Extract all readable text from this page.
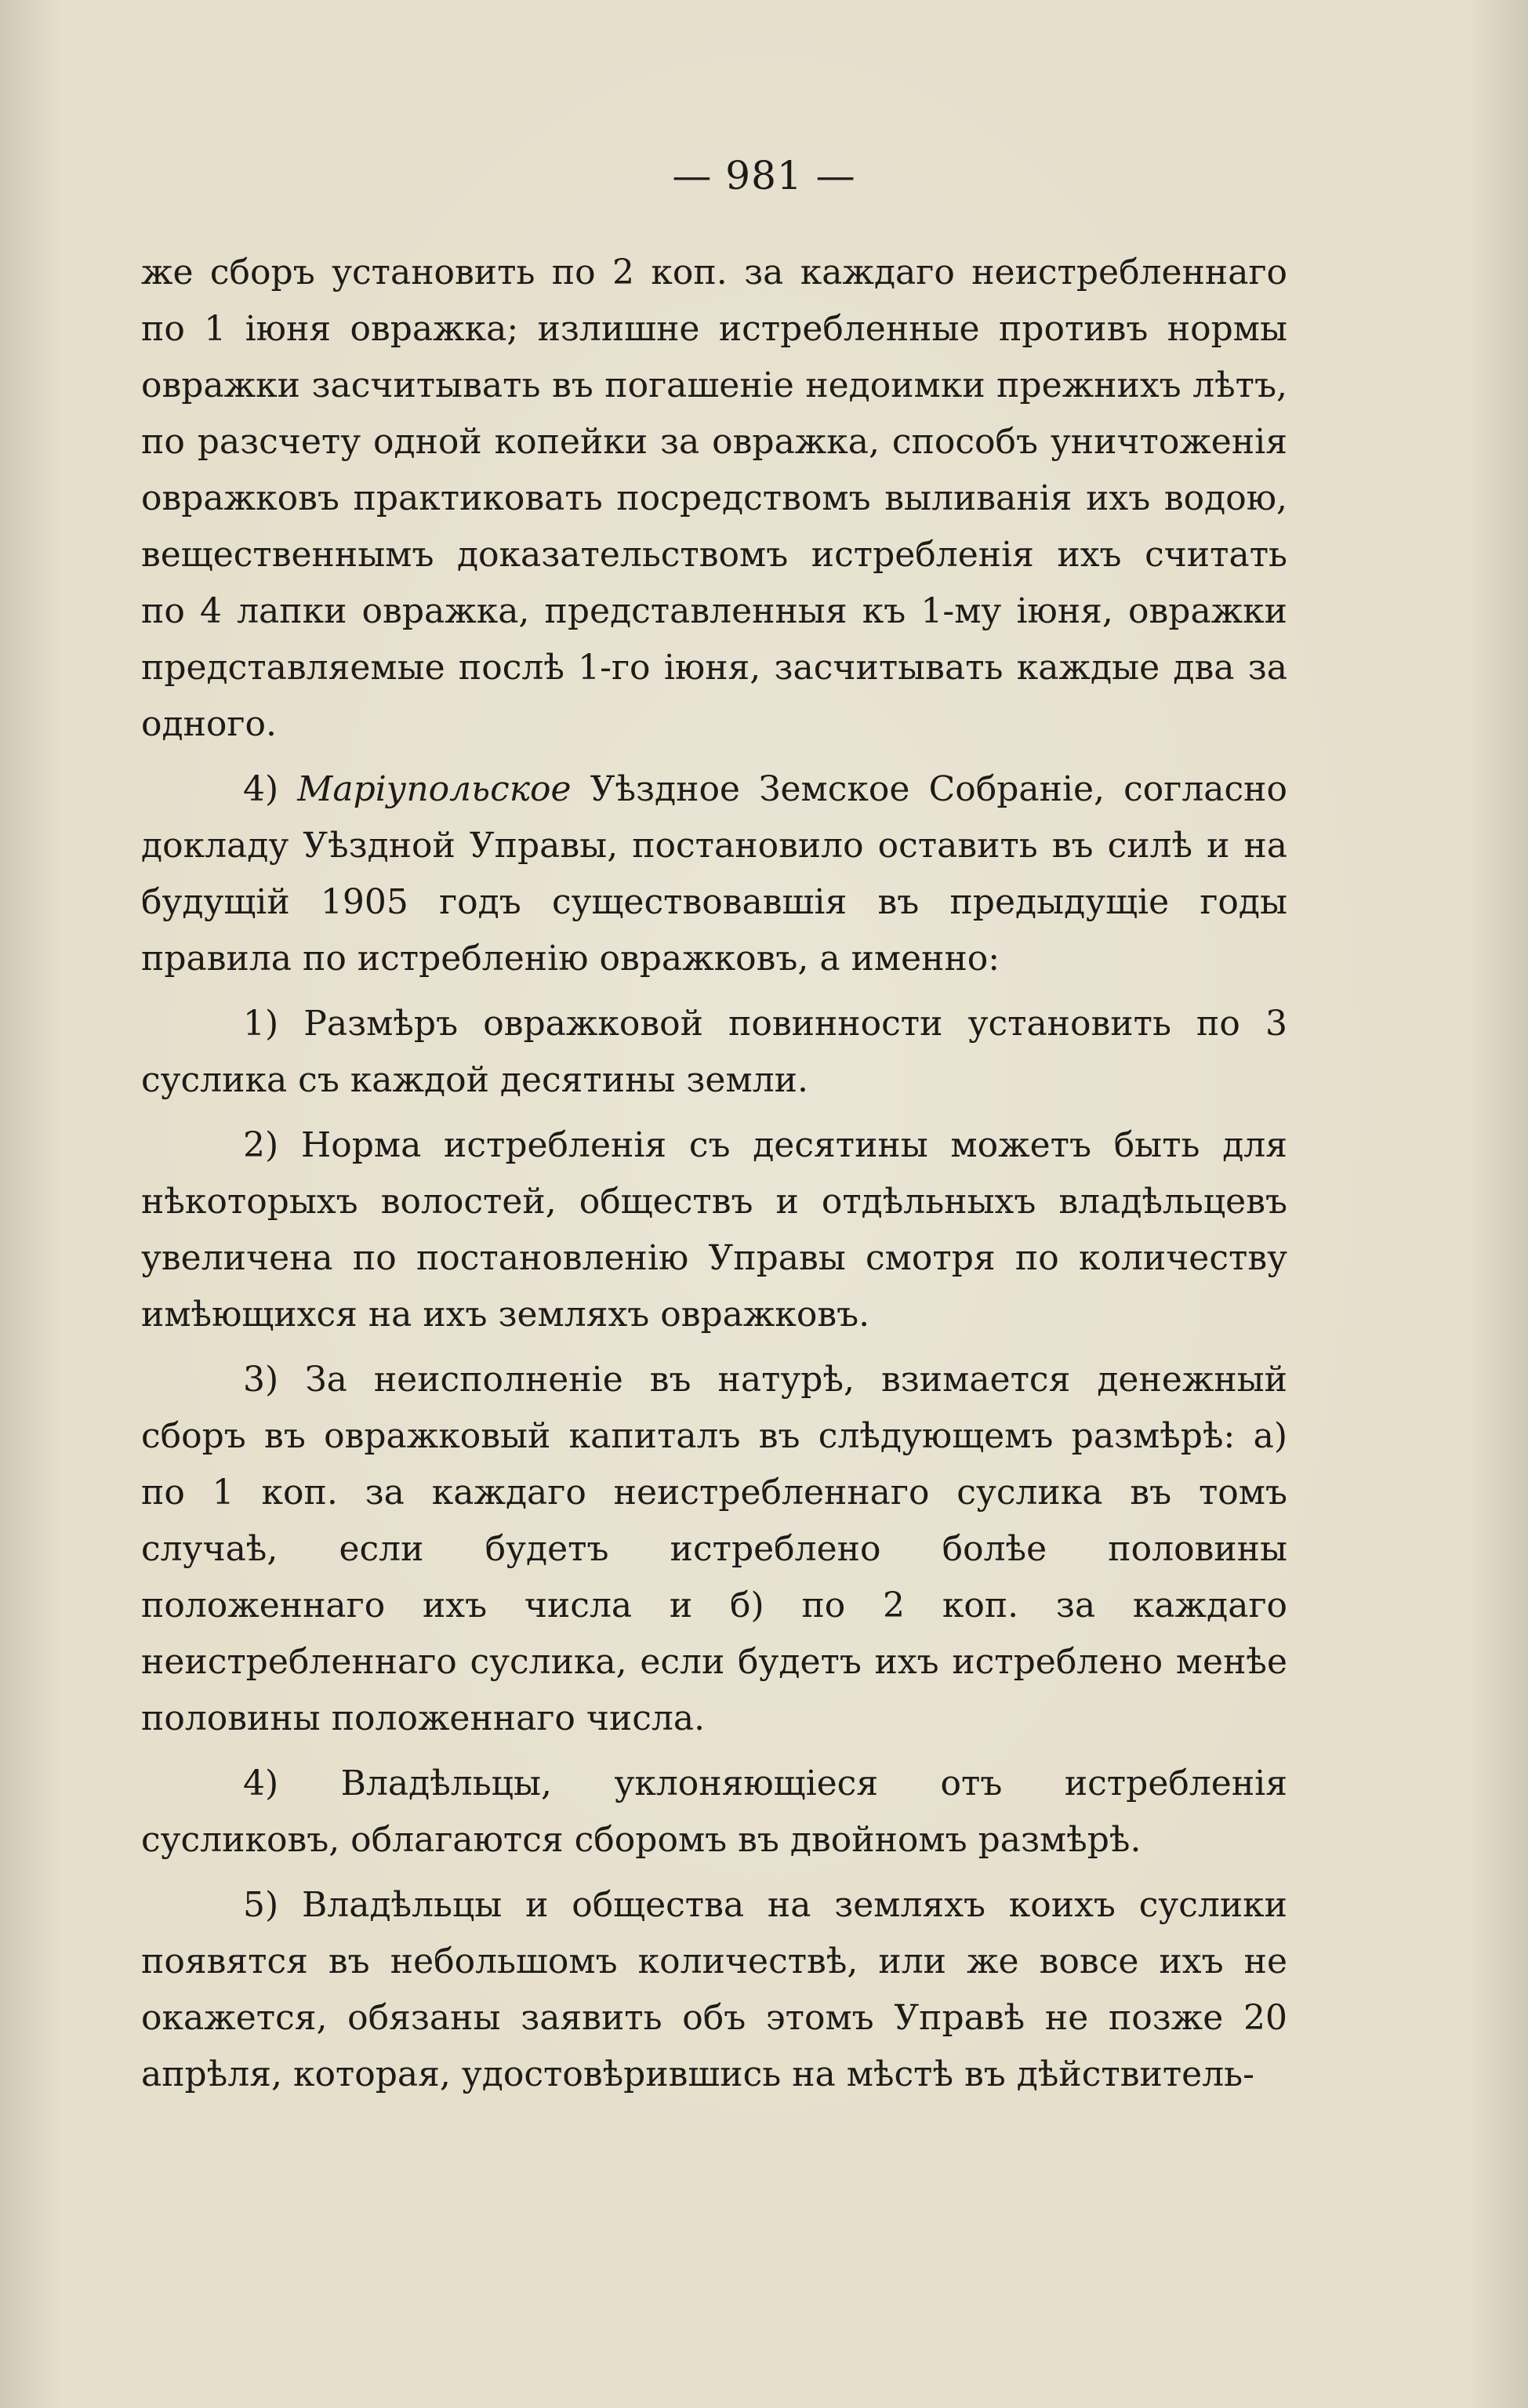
— 981 —

же сборъ установить по 2 коп. за каждаго неистребленнаго по 1 iюня овражка; излишне истребленные противъ нормы овражки засчитывать въ погашенiе недоимки прежнихъ лѣтъ, по разсчету одной копейки за овражка, способъ уничтоженiя овражковъ практиковать посредствомъ выливанiя ихъ водою, вещественнымъ доказательствомъ истребленiя ихъ считать по 4 лапки овражка, представленныя къ 1-му iюня, овражки представляемые послѣ 1-го iюня, засчитывать каждые два за одного.

4) Марiупольское Уѣздное Земское Собранiе, согласно докладу Уѣздной Управы, постановило оставить въ силѣ и на будущiй 1905 годъ существовавшiя въ предыдущiе годы правила по истребленiю овражковъ, а именно:

1) Размѣръ овражковой повинности установить по 3 суслика съ каждой десятины земли.

2) Норма истребленiя съ десятины можетъ быть для нѣкоторыхъ волостей, обществъ и отдѣльныхъ владѣльцевъ увеличена по постановленiю Управы смотря по количеству имѣющихся на ихъ земляхъ овражковъ.

3) За неисполненiе въ натурѣ, взимается денежный сборъ въ овражковый капиталъ въ слѣдующемъ размѣрѣ: а) по 1 коп. за каждаго неистребленнаго суслика въ томъ случаѣ, если будетъ истреблено болѣе половины положеннаго ихъ числа и б) по 2 коп. за каждаго неистребленнаго суслика, если будетъ ихъ истреблено менѣе половины положеннаго числа.

4) Владѣльцы, уклоняющiеся отъ истребленiя сусликовъ, облагаются сборомъ въ двойномъ размѣрѣ.

5) Владѣльцы и общества на земляхъ коихъ суслики появятся въ небольшомъ количествѣ, или же вовсе ихъ не окажется, обязаны заявить объ этомъ Управѣ не позже 20 апрѣля, которая, удостовѣрившись на мѣстѣ въ дѣйствитель-
